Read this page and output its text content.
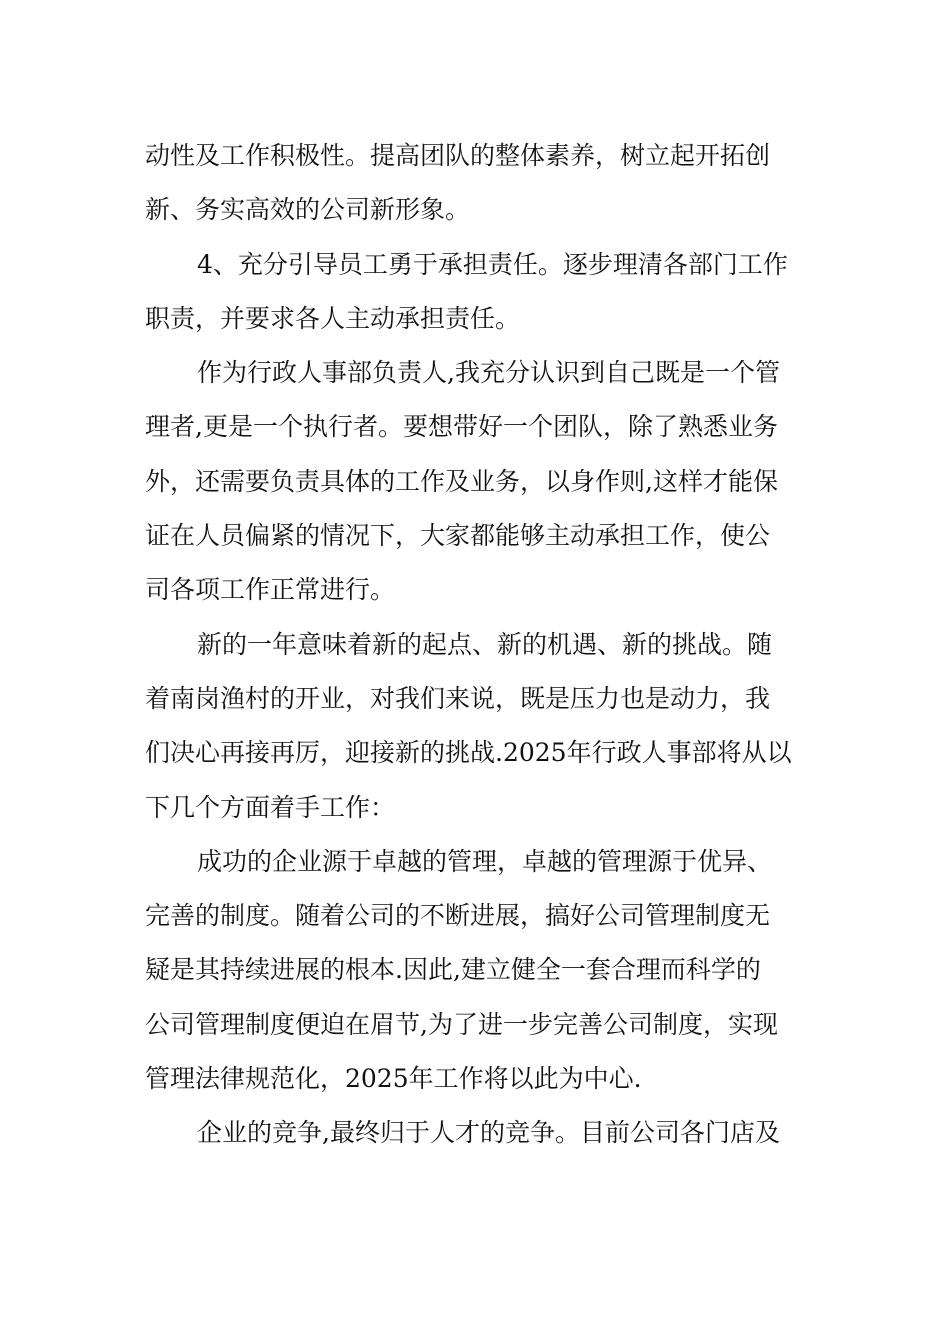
动性及工作积极性。提高团队的整体素养，树立起开拓创
新、务实高效的公司新形象。
4、充分引导员工勇于承担责任。逐步理清各部门工作
职责，并要求各人主动承担责任。
作为行政人事部负责人,我充分认识到自己既是一个管
理者,更是一个执行者。要想带好一个团队，除了熟悉业务
外，还需要负责具体的工作及业务，以身作则,这样才能保
证在人员偏紧的情况下，大家都能够主动承担工作，使公
司各项工作正常进行。
新的一年意味着新的起点、新的机遇、新的挑战。随
着南岗渔村的开业，对我们来说，既是压力也是动力，我
们决心再接再厉，迎接新的挑战.2025年行政人事部将从以
下几个方面着手工作：
成功的企业源于卓越的管理，卓越的管理源于优异、
完善的制度。随着公司的不断进展，搞好公司管理制度无
疑是其持续进展的根本.因此,建立健全一套合理而科学的
公司管理制度便迫在眉节,为了进一步完善公司制度，实现
管理法律规范化，2025年工作将以此为中心.
企业的竞争,最终归于人才的竞争。目前公司各门店及
